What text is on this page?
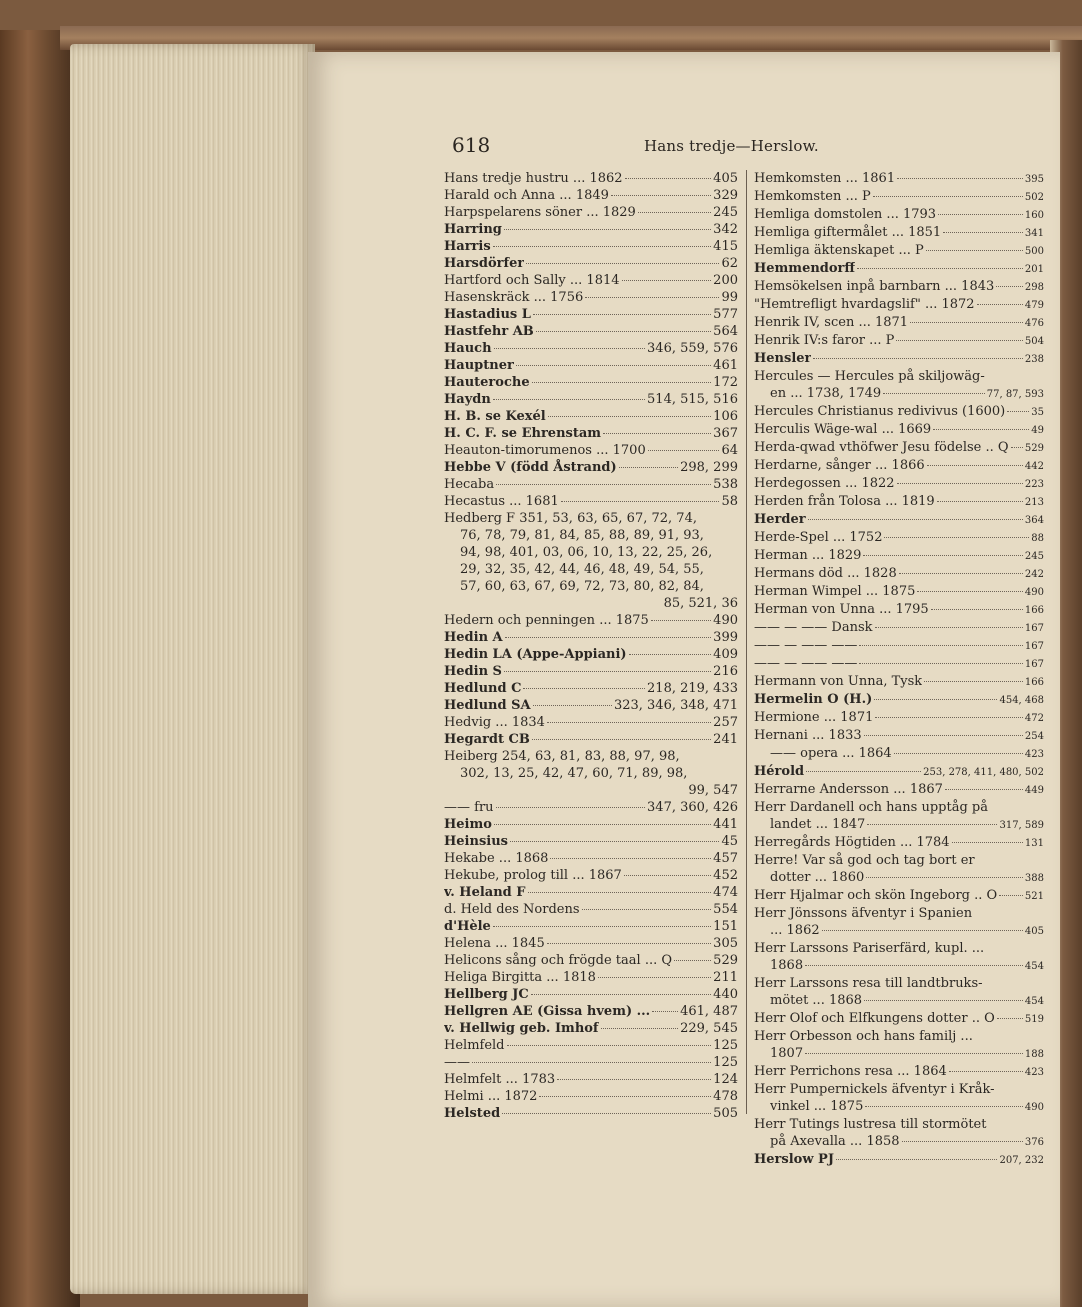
618	Hans tredje—Herslow.
Hans tredje hustru ... 1862	405
Harald och Anna ... 1849	329
Harpspelarens söner ... 1829	245
Harring	342
Harris	415
Harsdörfer	62
Hartford och Sally ... 1814	200
Hasenskräck ... 1756	99
Hastadius L	577
Hastfehr AB	564
Hauch	346, 559, 576
Hauptner	461
Hauteroche	172
Haydn	514, 515, 516
H. B. se Kexél	106
H. C. F. se Ehrenstam	367
Heauton-timorumenos ... 1700	64
Hebbe V (född Åstrand)	298, 299
Hecaba	538
Hecastus ... 1681	58
Hedberg F 351, 53, 63, 65, 67, 72, 74,
76, 78, 79, 81, 84, 85, 88, 89, 91, 93,
94, 98, 401, 03, 06, 10, 13, 22, 25, 26,
29, 32, 35, 42, 44, 46, 48, 49, 54, 55,
57, 60, 63, 67, 69, 72, 73, 80, 82, 84,
85, 521, 36
Hedern och penningen ... 1875	490
Hedin A	399
Hedin LA (Appe-Appiani)	409
Hedin S	216
Hedlund C	218, 219, 433
Hedlund SA	323, 346, 348, 471
Hedvig ... 1834	257
Hegardt CB	241
Heiberg 254, 63, 81, 83, 88, 97, 98,
302, 13, 25, 42, 47, 60, 71, 89, 98,
99, 547
—— fru	347, 360, 426
Heimo	441
Heinsius	45
Hekabe ... 1868	457
Hekube, prolog till ... 1867	452
v. Heland F	474
d. Held des Nordens	554
d'Hèle	151
Helena ... 1845	305
Helicons sång och frögde taal ... Q	529
Heliga Birgitta ... 1818	211
Hellberg JC	440
Hellgren AE (Gissa hvem) ... 461, 487
v. Hellwig geb. Imhof	229, 545
Helmfeld	125
——	125
Helmfelt ... 1783	124
Helmi ... 1872	478
Helsted	505
Hemkomsten ... 1861	395
Hemkomsten ... P	502
Hemliga domstolen ... 1793	160
Hemliga giftermålet ... 1851	341
Hemliga äktenskapet ... P	500
Hemmendorff	201
Hemsökelsen inpå barnbarn ... 1843	298
"Hemtrefligt hvardagslif" ... 1872	479
Henrik IV, scen ... 1871	476
Henrik IV:s faror ... P	504
Hensler	238
Hercules — Hercules på skiljowäg-
en ... 1738, 1749	77, 87, 593
Hercules Christianus redivivus (1600)	35
Herculis Wäge-wal ... 1669	49
Herda-qwad vthöfwer Jesu födelse .. Q 529
Herdarne, sånger ... 1866	442
Herdegossen ... 1822	223
Herden från Tolosa ... 1819	213
Herder	364
Herde-Spel ... 1752	88
Herman ... 1829	245
Hermans död ... 1828	242
Herman Wimpel ... 1875	490
Herman von Unna ... 1795	166
—— — —— Dansk	167
—— — —— ——	167
—— — —— ——	167
Hermann von Unna, Tysk	166
Hermelin O (H.)	454, 468
Hermione ... 1871	472
Hernani ... 1833	254
—— opera ... 1864	423
Hérold	253, 278, 411, 480, 502
Herrarne Andersson ... 1867	449
Herr Dardanell och hans upptåg på
landet ... 1847	317, 589
Herregårds Högtiden ... 1784	131
Herre! Var så god och tag bort er
dotter ... 1860	388
Herr Hjalmar och skön Ingeborg .. O	521
Herr Jönssons äfventyr i Spanien
... 1862	405
Herr Larssons Pariserfärd, kupl. ...
1868	454
Herr Larssons resa till landtbruks-
mötet ... 1868	454
Herr Olof och Elfkungens dotter .. O	519
Herr Orbesson och hans familj ...
1807	188
Herr Perrichons resa ... 1864	423
Herr Pumpernickels äfventyr i Kråk-
vinkel ... 1875	490
Herr Tutings lustresa till stormötet
på Axevalla ... 1858	376
Herslow PJ	207, 232
